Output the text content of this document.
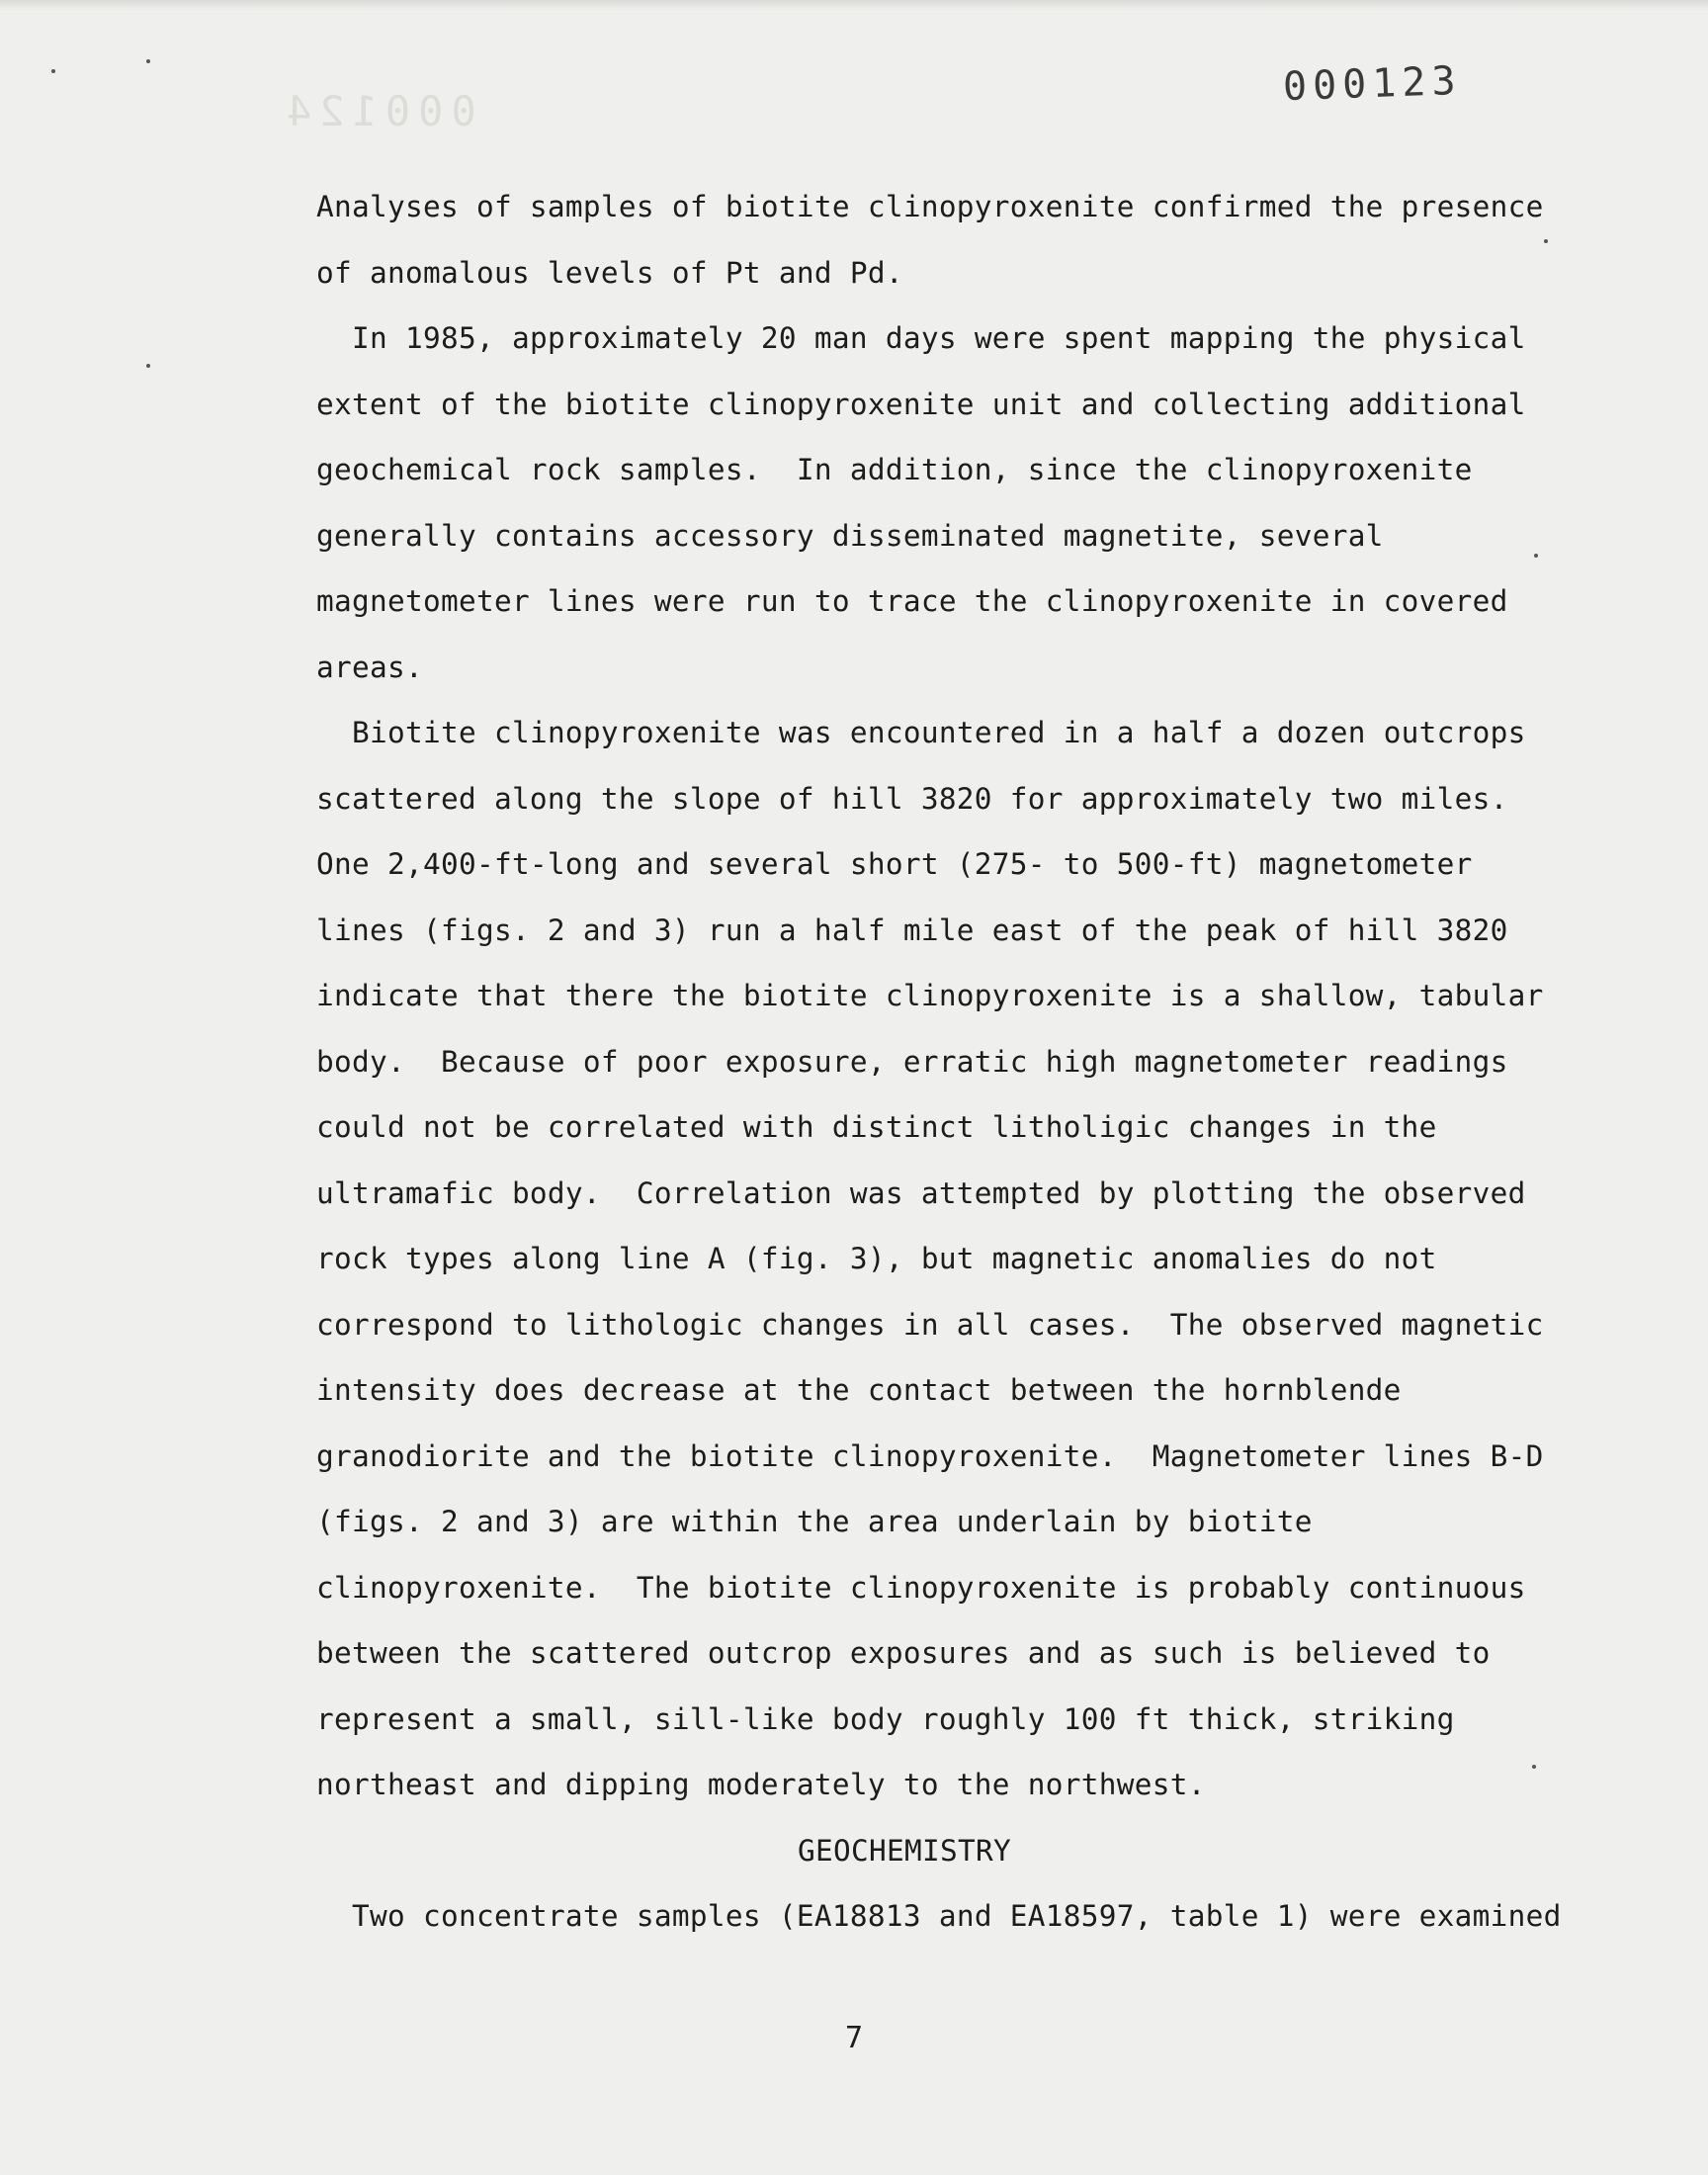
000124
000123
Analyses of samples of biotite clinopyroxenite confirmed the presence
of anomalous levels of Pt and Pd.
In 1985, approximately 20 man days were spent mapping the physical
extent of the biotite clinopyroxenite unit and collecting additional
geochemical rock samples.  In addition, since the clinopyroxenite
generally contains accessory disseminated magnetite, several
magnetometer lines were run to trace the clinopyroxenite in covered
areas.
Biotite clinopyroxenite was encountered in a half a dozen outcrops
scattered along the slope of hill 3820 for approximately two miles.
One 2,400-ft-long and several short (275- to 500-ft) magnetometer
lines (figs. 2 and 3) run a half mile east of the peak of hill 3820
indicate that there the biotite clinopyroxenite is a shallow, tabular
body.  Because of poor exposure, erratic high magnetometer readings
could not be correlated with distinct litholigic changes in the
ultramafic body.  Correlation was attempted by plotting the observed
rock types along line A (fig. 3), but magnetic anomalies do not
correspond to lithologic changes in all cases.  The observed magnetic
intensity does decrease at the contact between the hornblende
granodiorite and the biotite clinopyroxenite.  Magnetometer lines B-D
(figs. 2 and 3) are within the area underlain by biotite
clinopyroxenite.  The biotite clinopyroxenite is probably continuous
between the scattered outcrop exposures and as such is believed to
represent a small, sill-like body roughly 100 ft thick, striking
northeast and dipping moderately to the northwest.
GEOCHEMISTRY
Two concentrate samples (EA18813 and EA18597, table 1) were examined
7
